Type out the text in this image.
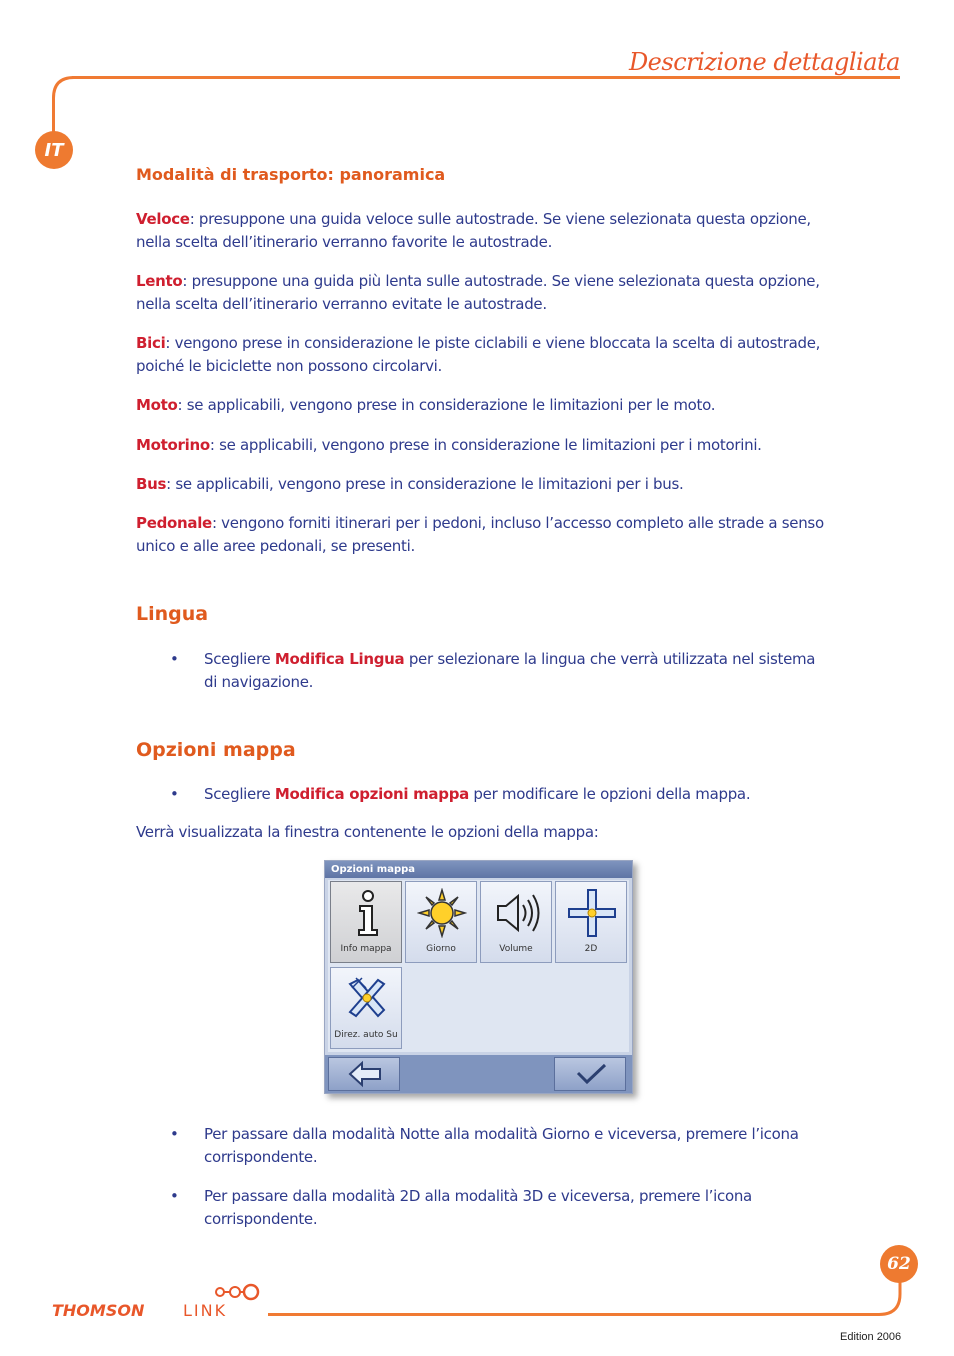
Descrizione dettagliata
IT
Modalità di trasporto: panoramica
Veloce: presuppone una guida veloce sulle autostrade. Se viene selezionata questa opzione, nella scelta dell’itinerario verranno favorite le autostrade.
Lento: presuppone una guida più lenta sulle autostrade. Se viene selezionata questa opzione, nella scelta dell’itinerario verranno evitate le autostrade.
Bici: vengono prese in considerazione le piste ciclabili e viene bloccata la scelta di autostrade, poiché le biciclette non possono circolarvi.
Moto: se applicabili, vengono prese in considerazione le limitazioni per le moto.
Motorino: se applicabili, vengono prese in considerazione le limitazioni per i motorini.
Bus: se applicabili, vengono prese in considerazione le limitazioni per i bus.
Pedonale: vengono forniti itinerari per i pedoni, incluso l’accesso completo alle strade a senso unico e alle aree pedonali, se presenti.
Lingua
• Scegliere Modifica Lingua per selezionare la lingua che verrà utilizzata nel sistema di navigazione.
Opzioni mappa
• Scegliere Modifica opzioni mappa per modificare le opzioni della mappa.
Verrà visualizzata la finestra contenente le opzioni della mappa:
• Per passare dalla modalità Notte alla modalità Giorno e viceversa, premere l’icona corrispondente.
• Per passare dalla modalità 2D alla modalità 3D e viceversa, premere l’icona corrispondente.
Opzioni mappa
Info mappa	Giorno	Volume	2D
Direz. auto Su
62
THOMSON LINK
Edition 2006
